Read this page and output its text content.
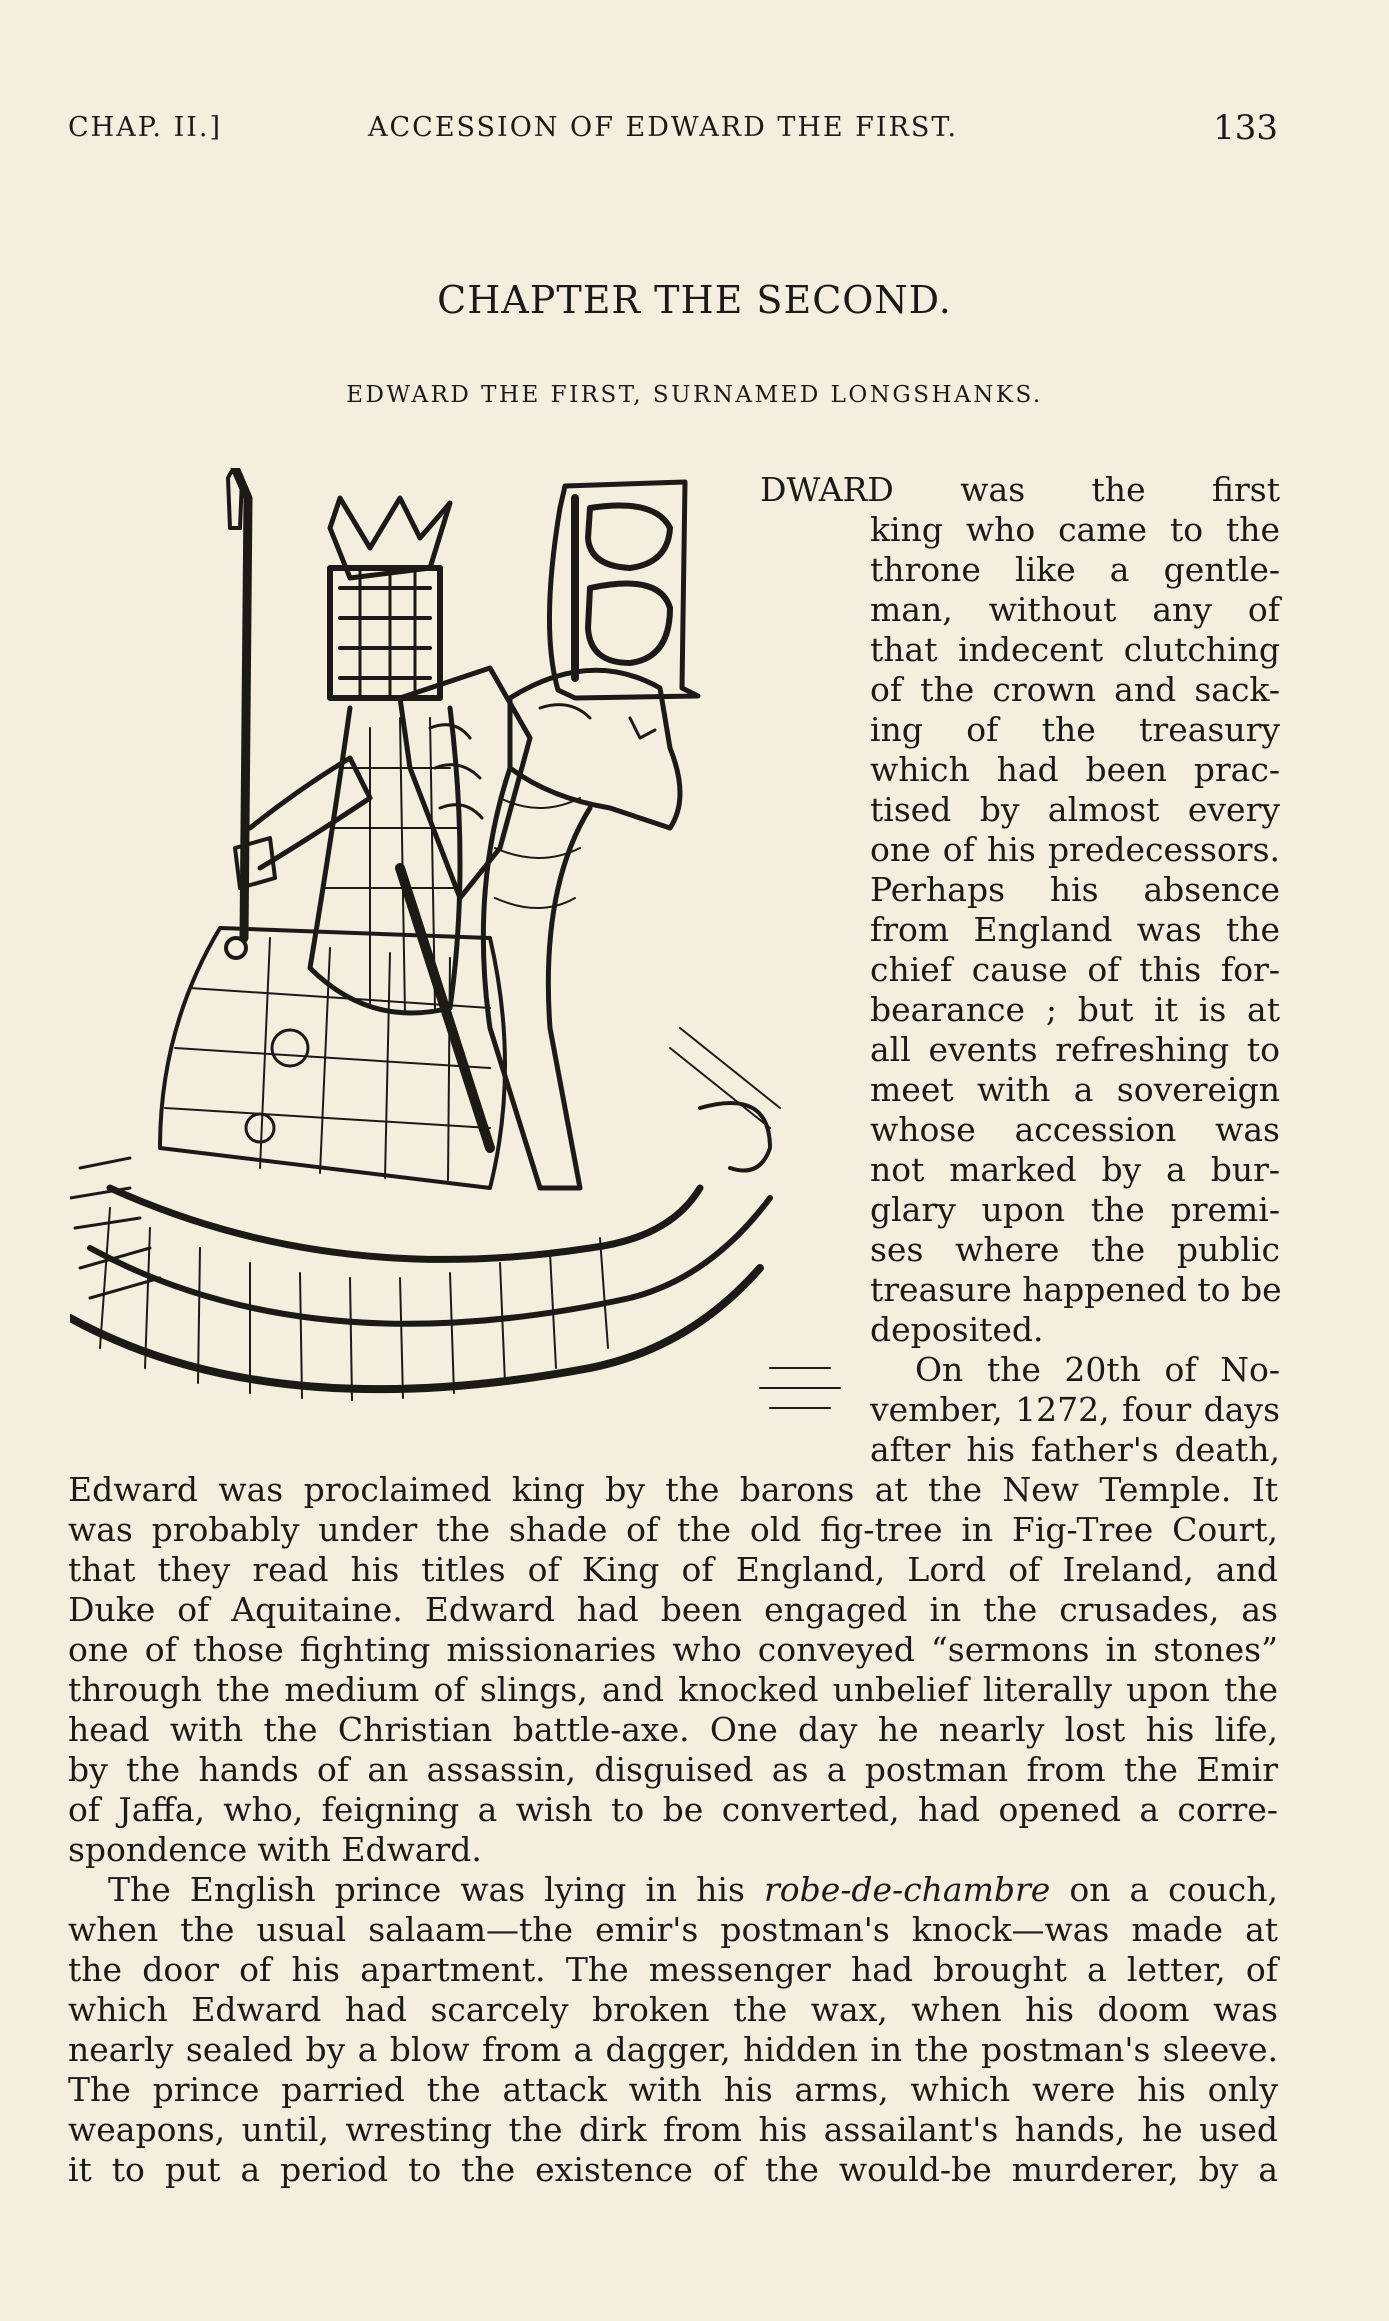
CHAP. II.]	ACCESSION OF EDWARD THE FIRST.	133
CHAPTER THE SECOND.
EDWARD THE FIRST, SURNAMED LONGSHANKS.
DWARD was the first
king who came to the
throne like a gentle-
man, without any of
that indecent clutching
of the crown and sack-
ing of the treasury
which had been prac-
tised by almost every
one of his predecessors.
Perhaps his absence
from England was the
chief cause of this for-
bearance ; but it is at
all events refreshing to
meet with a sovereign
whose accession was
not marked by a bur-
glary upon the premi-
ses where the public
treasure happened to be
deposited.
On the 20th of No-
vember, 1272, four days
after his father's death,
Edward was proclaimed king by the barons at the New Temple. It
was probably under the shade of the old fig-tree in Fig-Tree Court,
that they read his titles of King of England, Lord of Ireland, and
Duke of Aquitaine. Edward had been engaged in the crusades, as
one of those fighting missionaries who conveyed “sermons in stones”
through the medium of slings, and knocked unbelief literally upon the
head with the Christian battle-axe. One day he nearly lost his life,
by the hands of an assassin, disguised as a postman from the Emir
of Jaffa, who, feigning a wish to be converted, had opened a corre-
spondence with Edward.
The English prince was lying in his robe-de-chambre on a couch,
when the usual salaam—the emir's postman's knock—was made at
the door of his apartment. The messenger had brought a letter, of
which Edward had scarcely broken the wax, when his doom was
nearly sealed by a blow from a dagger, hidden in the postman's sleeve.
The prince parried the attack with his arms, which were his only
weapons, until, wresting the dirk from his assailant's hands, he used
it to put a period to the existence of the would-be murderer, by a
